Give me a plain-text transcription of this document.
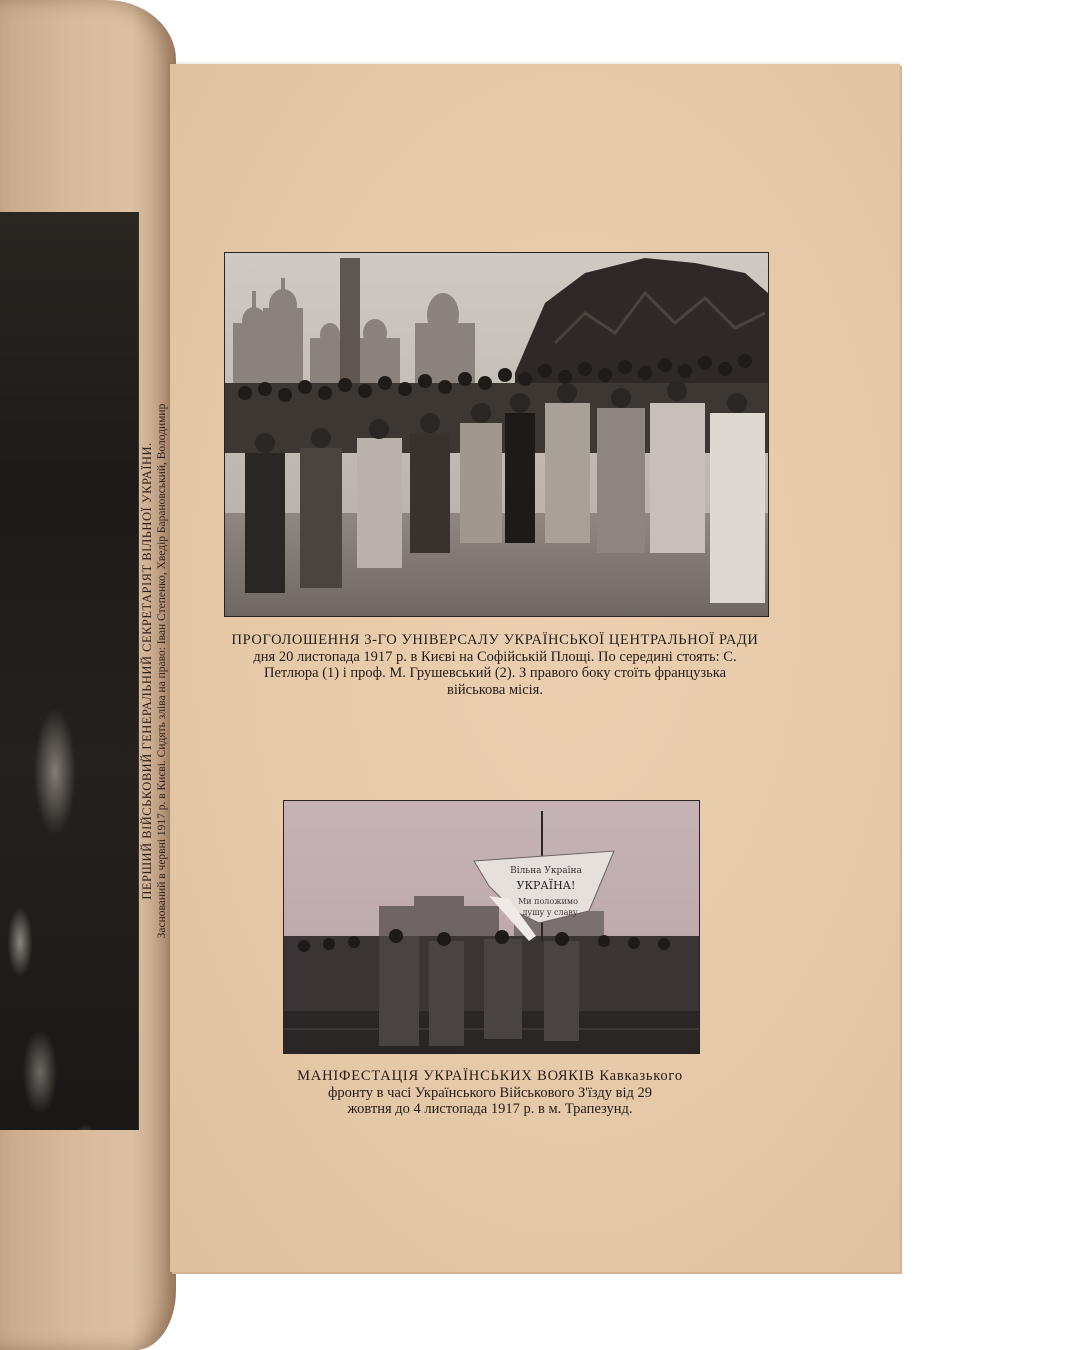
ПЕРШИЙ ВІЙСЬКОВИЙ ГЕНЕРАЛЬНИЙ СЕКРЕТАРІЯТ ВІЛЬНОЇ УКРАЇНИ. Заснований в червні 1917 р. в Києві. Сидять зліва на право: Іван Степенко, Хведір Барановський, Володимир	ПРОГОЛОШЕННЯ 3-ГО УНІВЕРСАЛУ УКРАЇНСЬКОЇ ЦЕНТРАЛЬНОЇ РАДИ
дня 20 листопада 1917 р. в Києві на Софійській Площі. По середині стоять: С.
Петлюра (1) і проф. М. Грушевський (2). З правого боку стоїть французька
військова місія.
Вільна Україна
УКРАЇНА!
Ми положимо
душу у славу
МАНІФЕСТАЦІЯ УКРАЇНСЬКИХ ВОЯКІВ Кавказького
фронту в часі Українського Військового З'їзду від 29
жовтня до 4 листопада 1917 р. в м. Трапезунд.
